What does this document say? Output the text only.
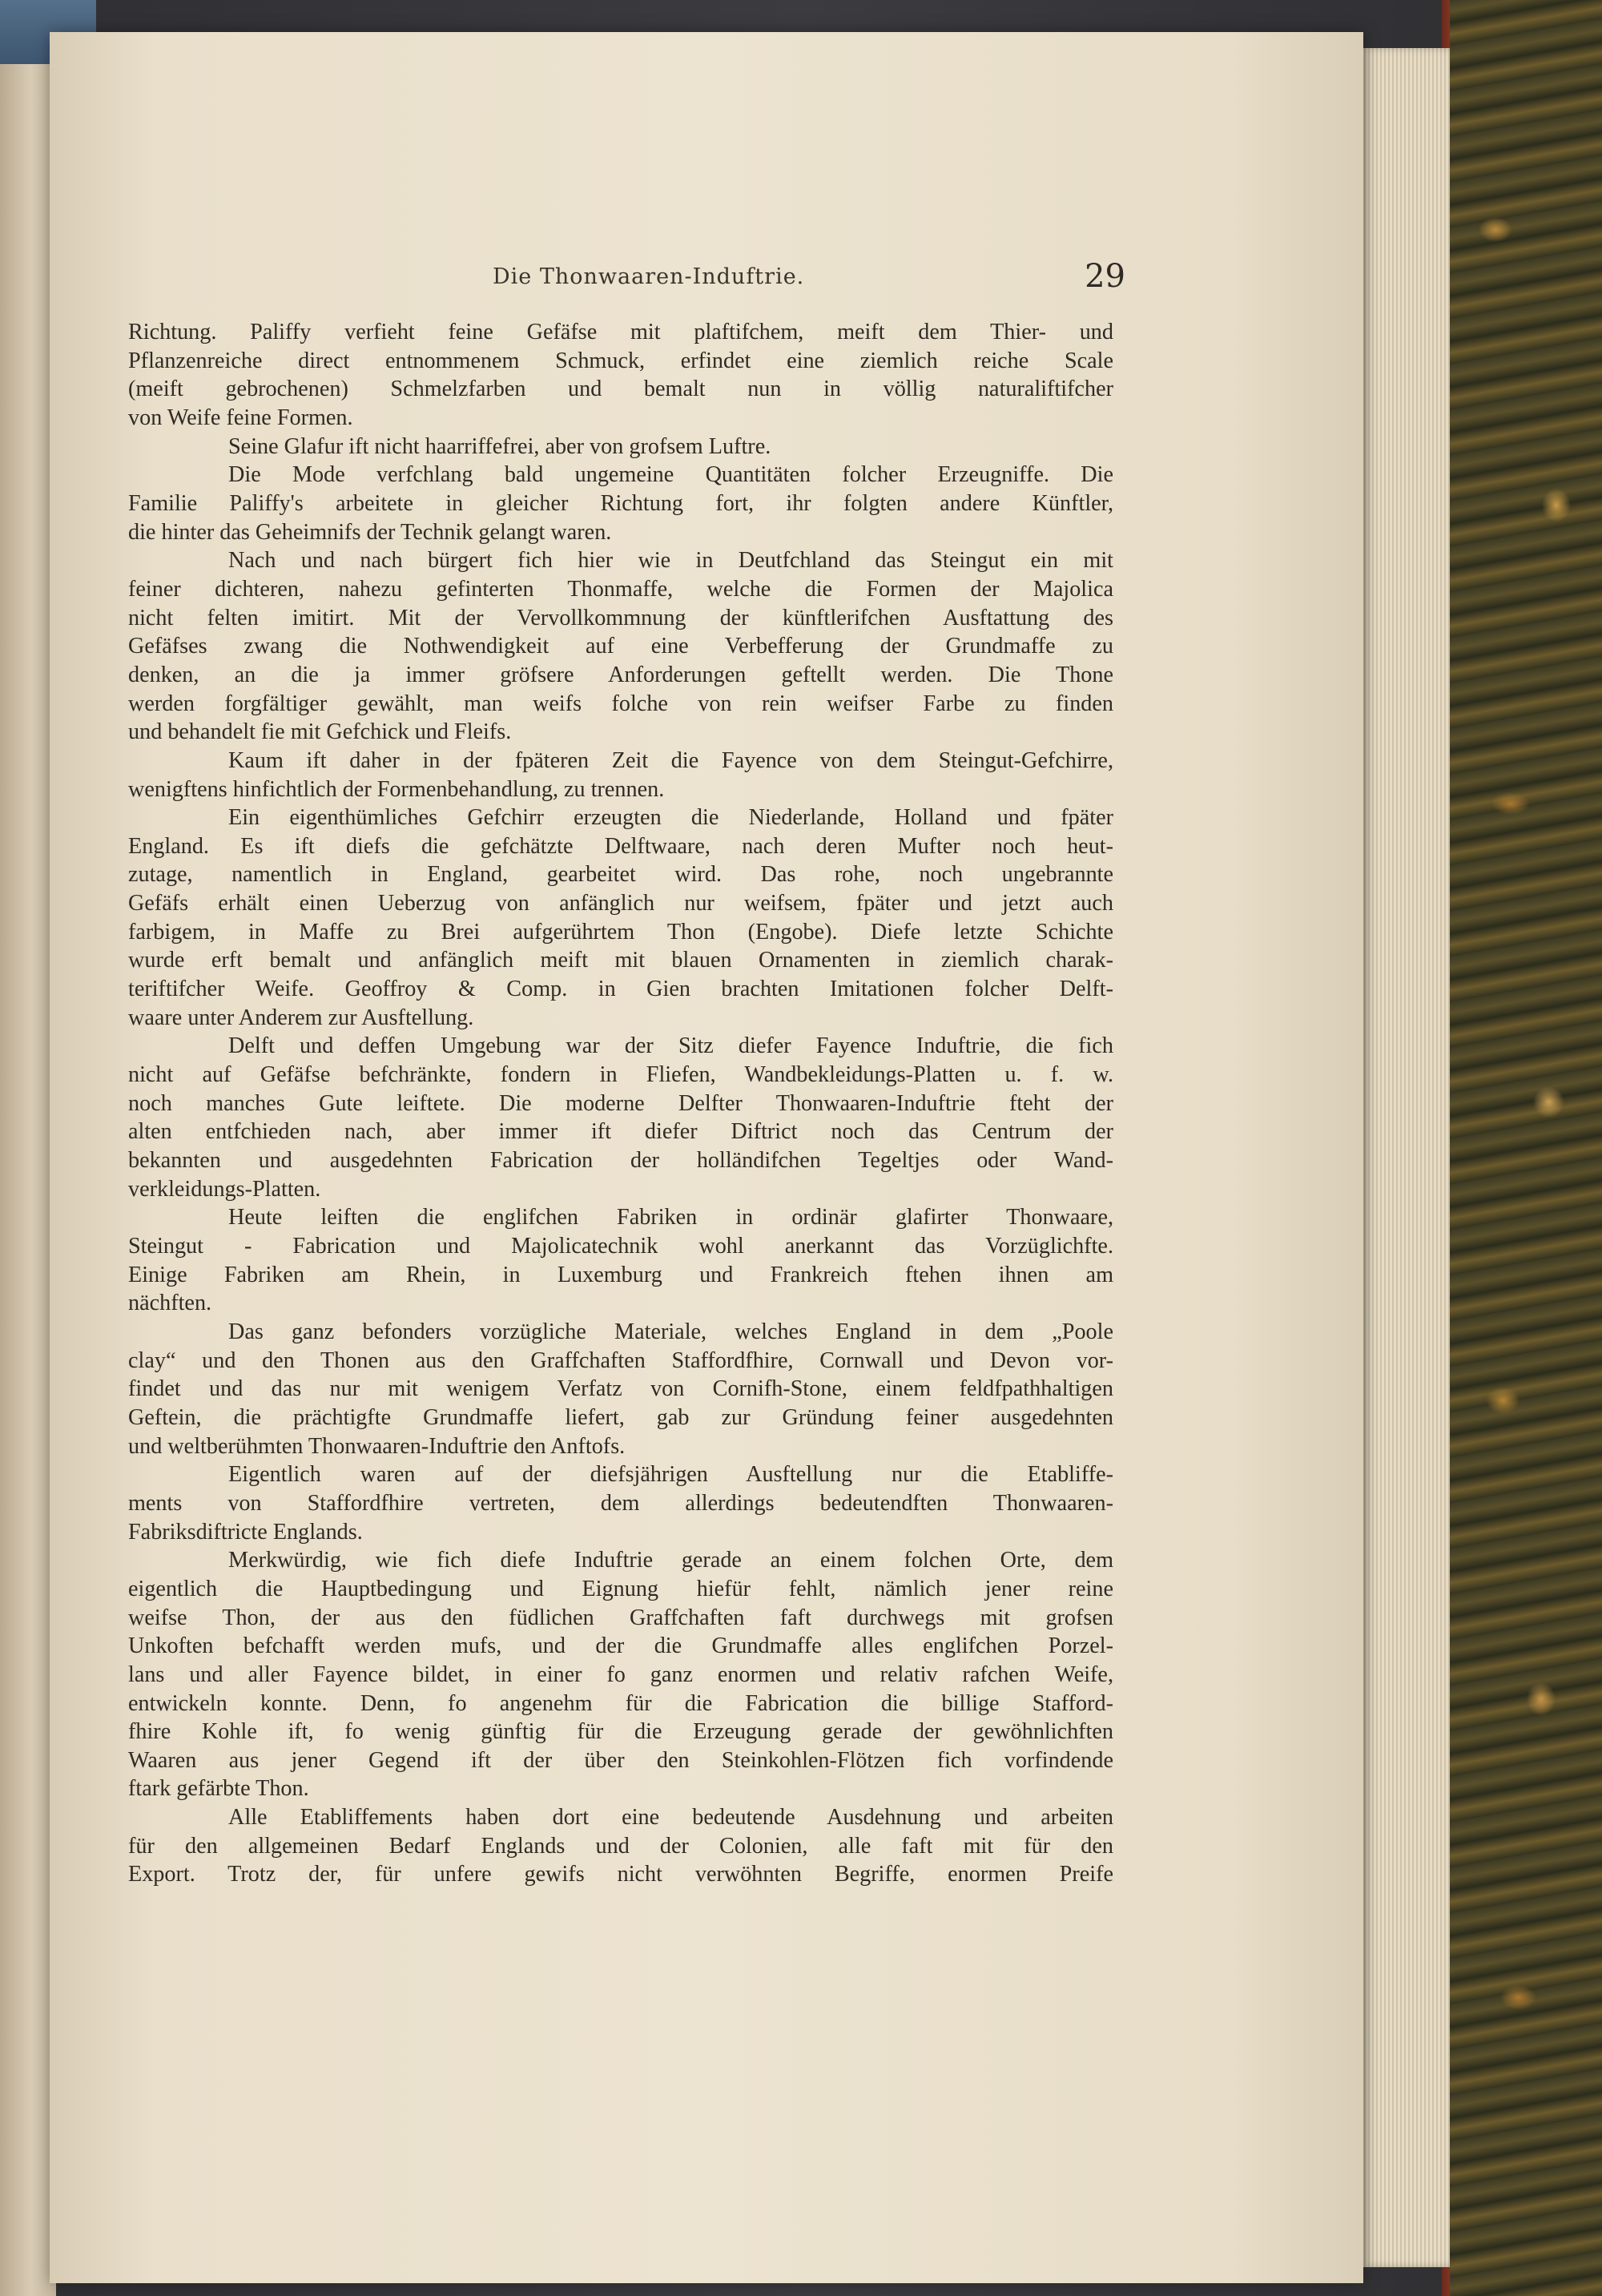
Die Thonwaaren-Induftrie.	29
Richtung. Paliffy verfieht feine Gefäfse mit plaftifchem, meift dem Thier- und
Pflanzenreiche direct entnommenem Schmuck, erfindet eine ziemlich reiche Scale
(meift gebrochenen) Schmelzfarben und bemalt nun in völlig naturaliftifcher
von Weife feine Formen.
Seine Glafur ift nicht haarriffefrei, aber von grofsem Luftre.
Die Mode verfchlang bald ungemeine Quantitäten folcher Erzeugniffe. Die
Familie Paliffy's arbeitete in gleicher Richtung fort, ihr folgten andere Künftler,
die hinter das Geheimnifs der Technik gelangt waren.
Nach und nach bürgert fich hier wie in Deutfchland das Steingut ein mit
feiner dichteren, nahezu gefinterten Thonmaffe, welche die Formen der Majolica
nicht felten imitirt. Mit der Vervollkommnung der künftlerifchen Ausftattung des
Gefäfses zwang die Nothwendigkeit auf eine Verbefferung der Grundmaffe zu
denken, an die ja immer gröfsere Anforderungen geftellt werden. Die Thone
werden forgfältiger gewählt, man weifs folche von rein weifser Farbe zu finden
und behandelt fie mit Gefchick und Fleifs.
Kaum ift daher in der fpäteren Zeit die Fayence von dem Steingut-Gefchirre,
wenigftens hinfichtlich der Formenbehandlung, zu trennen.
Ein eigenthümliches Gefchirr erzeugten die Niederlande, Holland und fpäter
England. Es ift diefs die gefchätzte Delftwaare, nach deren Mufter noch heut-
zutage, namentlich in England, gearbeitet wird. Das rohe, noch ungebrannte
Gefäfs erhält einen Ueberzug von anfänglich nur weifsem, fpäter und jetzt auch
farbigem, in Maffe zu Brei aufgerührtem Thon (Engobe). Diefe letzte Schichte
wurde erft bemalt und anfänglich meift mit blauen Ornamenten in ziemlich charak-
teriftifcher Weife. Geoffroy & Comp. in Gien brachten Imitationen folcher Delft-
waare unter Anderem zur Ausftellung.
Delft und deffen Umgebung war der Sitz diefer Fayence Induftrie, die fich
nicht auf Gefäfse befchränkte, fondern in Fliefen, Wandbekleidungs-Platten u. f. w.
noch manches Gute leiftete. Die moderne Delfter Thonwaaren-Induftrie fteht der
alten entfchieden nach, aber immer ift diefer Diftrict noch das Centrum der
bekannten und ausgedehnten Fabrication der holländifchen Tegeltjes oder Wand-
verkleidungs-Platten.
Heute leiften die englifchen Fabriken in ordinär glafirter Thonwaare,
Steingut - Fabrication und Majolicatechnik wohl anerkannt das Vorzüglichfte.
Einige Fabriken am Rhein, in Luxemburg und Frankreich ftehen ihnen am
nächften.
Das ganz befonders vorzügliche Materiale, welches England in dem „Poole
clay“ und den Thonen aus den Graffchaften Staffordfhire, Cornwall und Devon vor-
findet und das nur mit wenigem Verfatz von Cornifh-Stone, einem feldfpathhaltigen
Geftein, die prächtigfte Grundmaffe liefert, gab zur Gründung feiner ausgedehnten
und weltberühmten Thonwaaren-Induftrie den Anftofs.
Eigentlich waren auf der diefsjährigen Ausftellung nur die Etabliffe-
ments von Staffordfhire vertreten, dem allerdings bedeutendften Thonwaaren-
Fabriksdiftricte Englands.
Merkwürdig, wie fich diefe Induftrie gerade an einem folchen Orte, dem
eigentlich die Hauptbedingung und Eignung hiefür fehlt, nämlich jener reine
weifse Thon, der aus den füdlichen Graffchaften faft durchwegs mit grofsen
Unkoften befchafft werden mufs, und der die Grundmaffe alles englifchen Porzel-
lans und aller Fayence bildet, in einer fo ganz enormen und relativ rafchen Weife,
entwickeln konnte. Denn, fo angenehm für die Fabrication die billige Stafford-
fhire Kohle ift, fo wenig günftig für die Erzeugung gerade der gewöhnlichften
Waaren aus jener Gegend ift der über den Steinkohlen-Flötzen fich vorfindende
ftark gefärbte Thon.
Alle Etabliffements haben dort eine bedeutende Ausdehnung und arbeiten
für den allgemeinen Bedarf Englands und der Colonien, alle faft mit für den
Export. Trotz der, für unfere gewifs nicht verwöhnten Begriffe, enormen Preife
